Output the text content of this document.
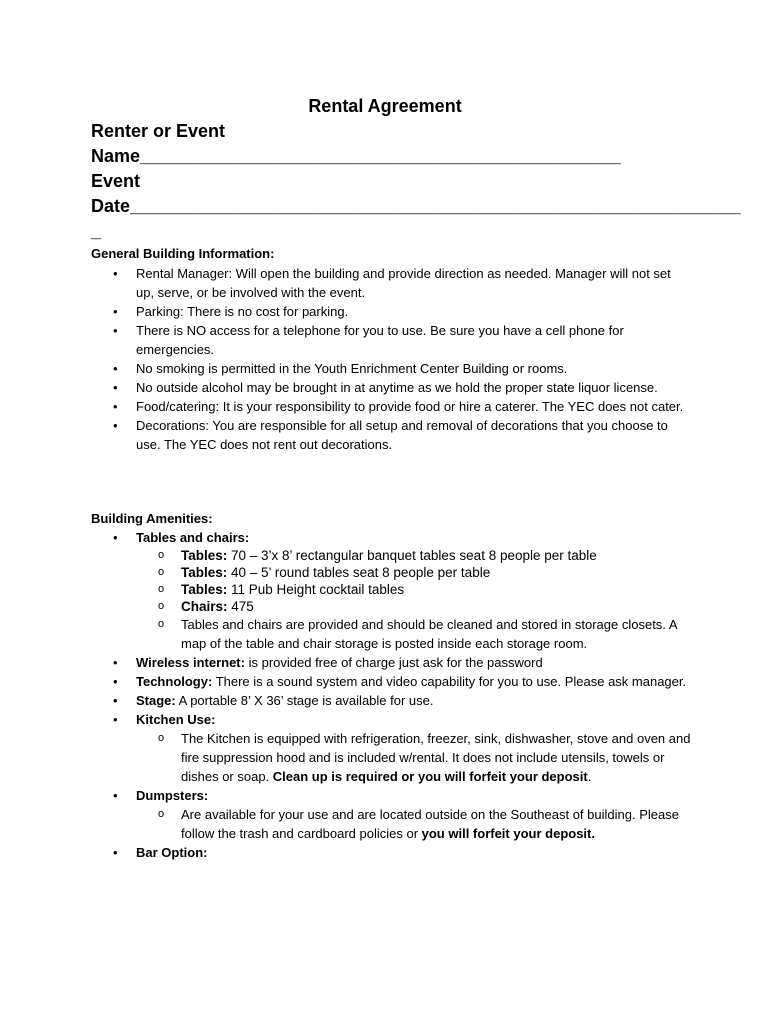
Rental Agreement
Renter or Event
Name________________________________________________
Event
Date_____________________________________________________________
_
General Building Information:
• Rental Manager: Will open the building and provide direction as needed. Manager will not set up, serve, or be involved with the event.
• Parking: There is no cost for parking.
• There is NO access for a telephone for you to use. Be sure you have a cell phone for emergencies.
• No smoking is permitted in the Youth Enrichment Center Building or rooms.
• No outside alcohol may be brought in at anytime as we hold the proper state liquor license.
• Food/catering: It is your responsibility to provide food or hire a caterer. The YEC does not cater.
• Decorations: You are responsible for all setup and removal of decorations that you choose to use. The YEC does not rent out decorations.
Building Amenities:
• Tables and chairs:
o Tables: 70 – 3’x 8’ rectangular banquet tables seat 8 people per table
o Tables: 40 – 5’ round tables seat 8 people per table
o Tables: 11 Pub Height cocktail tables
o Chairs: 475
o Tables and chairs are provided and should be cleaned and stored in storage closets. A map of the table and chair storage is posted inside each storage room.
• Wireless internet: is provided free of charge just ask for the password
• Technology: There is a sound system and video capability for you to use. Please ask manager.
• Stage: A portable 8’ X 36’ stage is available for use.
• Kitchen Use:
o The Kitchen is equipped with refrigeration, freezer, sink, dishwasher, stove and oven and fire suppression hood and is included w/rental. It does not include utensils, towels or dishes or soap. Clean up is required or you will forfeit your deposit.
• Dumpsters:
o Are available for your use and are located outside on the Southeast of building. Please follow the trash and cardboard policies or you will forfeit your deposit.
• Bar Option:
